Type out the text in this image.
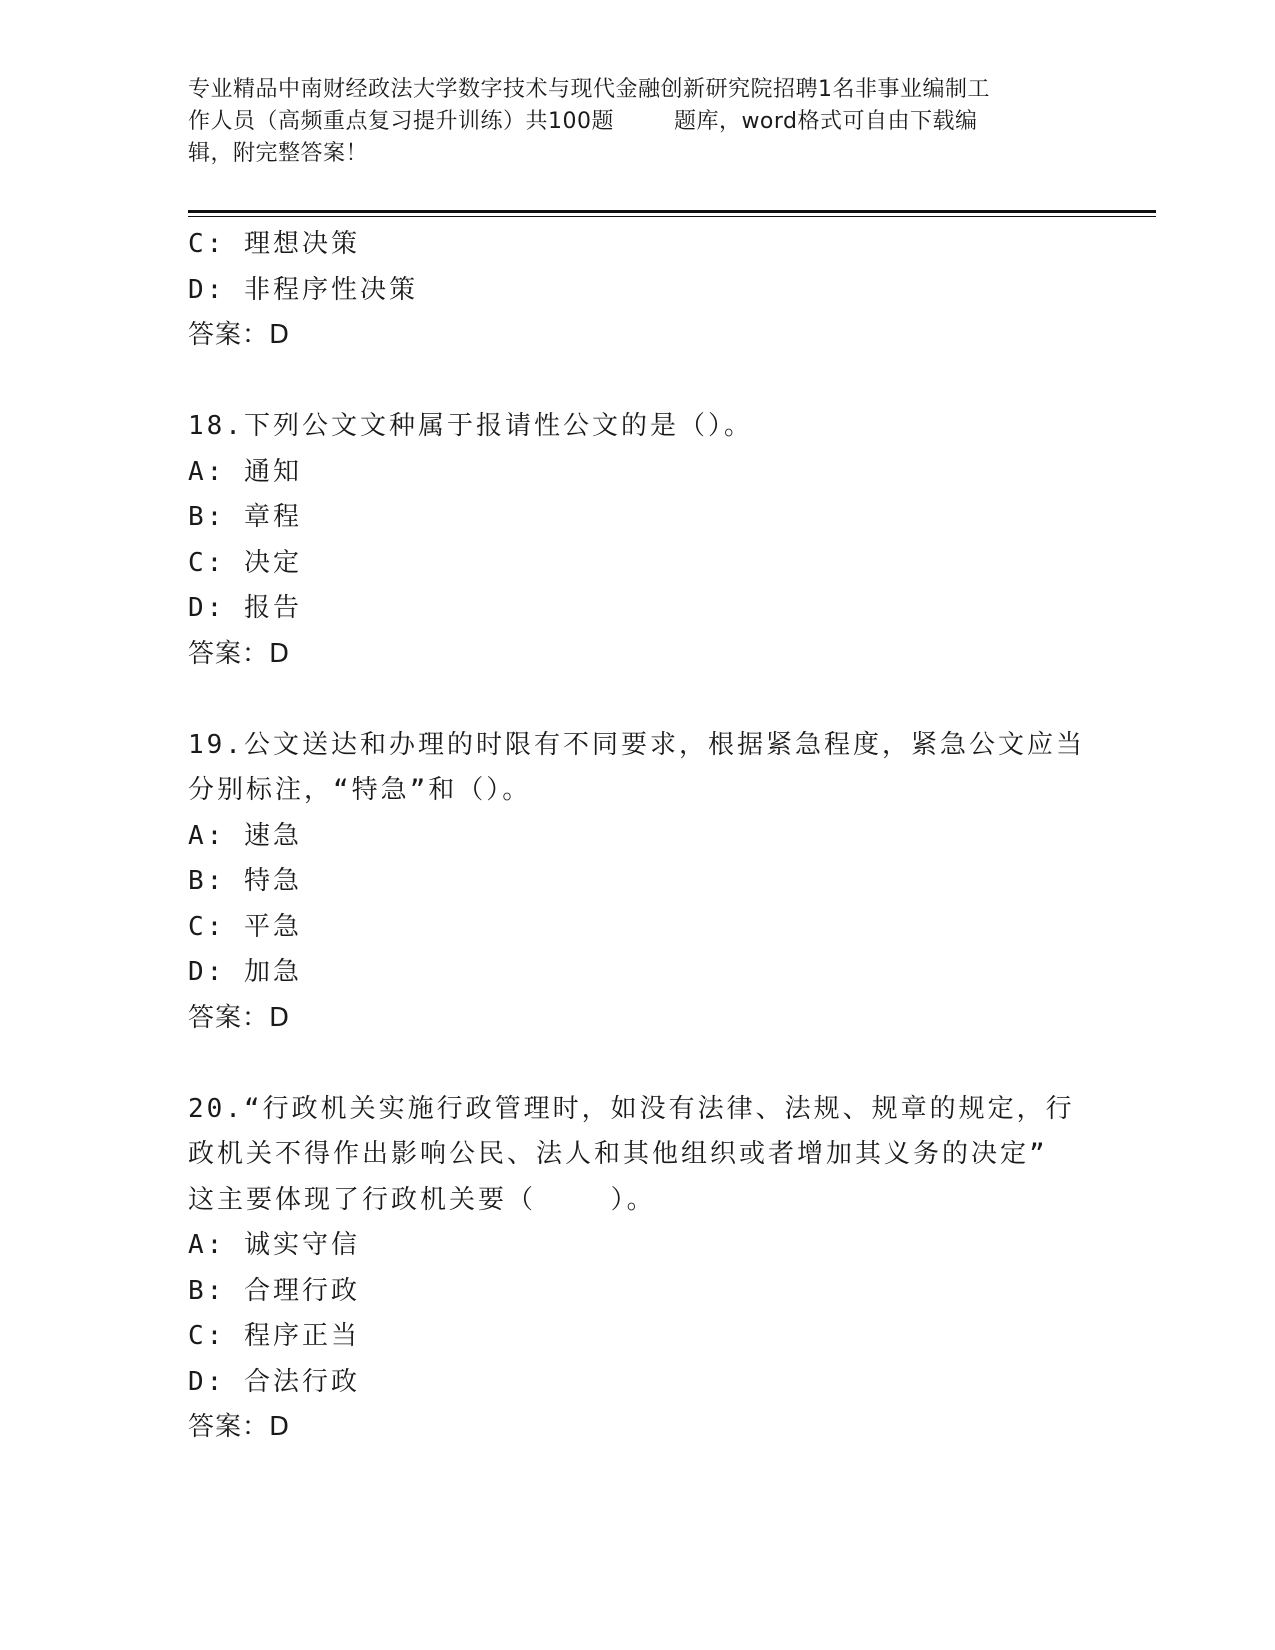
专业精品中南财经政法大学数字技术与现代金融创新研究院招聘1名非事业编制工
作人员（高频重点复习提升训练）共100题        题库，word格式可自由下载编
辑，附完整答案！
C: 理想决策
D: 非程序性决策
答案：D
18.下列公文文种属于报请性公文的是（）。
A: 通知
B: 章程
C: 决定
D: 报告
答案：D
19.公文送达和办理的时限有不同要求，根据紧急程度，紧急公文应当
分别标注，“特急”和（）。
A: 速急
B: 特急
C: 平急
D: 加急
答案：D
20.“行政机关实施行政管理时，如没有法律、法规、规章的规定，行
政机关不得作出影响公民、法人和其他组织或者增加其义务的决定”
这主要体现了行政机关要（    ）。
A: 诚实守信
B: 合理行政
C: 程序正当
D: 合法行政
答案：D
